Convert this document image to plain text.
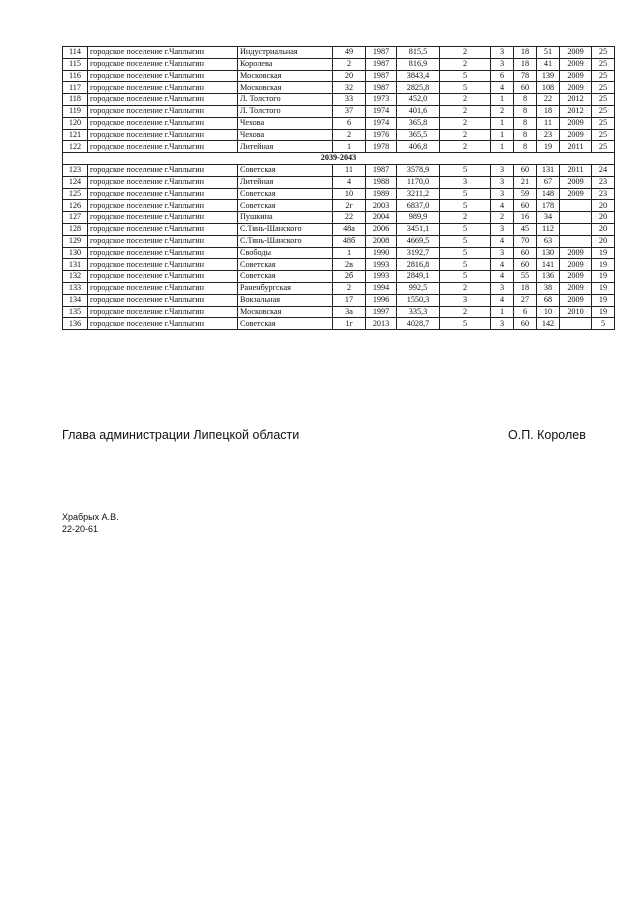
114	городское поселение г.Чаплыгин	Индустриальная	49	1987	815,5	2	3	18	51	2009	25
115	городское поселение г.Чаплыгин	Королева	2	1987	816,9	2	3	18	41	2009	25
116	городское поселение г.Чаплыгин	Московская	20	1987	3843,4	5	6	78	139	2009	25
117	городское поселение г.Чаплыгин	Московская	32	1987	2825,8	5	4	60	108	2009	25
118	городское поселение г.Чаплыгин	Л. Толстого	33	1973	452,0	2	1	8	22	2012	25
119	городское поселение г.Чаплыгин	Л. Толстого	37	1974	401,6	2	2	8	18	2012	25
120	городское поселение г.Чаплыгин	Чехова	6	1974	365,8	2	1	8	11	2009	25
121	городское поселение г.Чаплыгин	Чехова	2	1976	365,5	2	1	8	23	2009	25
122	городское поселение г.Чаплыгин	Литейная	1	1978	406,8	2	1	8	19	2011	25
2039-2043											
123	городское поселение г.Чаплыгин	Советская	11	1987	3578,9	5	3	60	131	2011	24
124	городское поселение г.Чаплыгин	Литейная	4	1988	1170,0	3	3	21	67	2009	23
125	городское поселение г.Чаплыгин	Советская	10	1989	3211,2	5	3	59	148	2009	23
126	городское поселение г.Чаплыгин	Советская	2г	2003	6837,0	5	4	60	178		20
127	городское поселение г.Чаплыгин	Пушкина	22	2004	989,9	2	2	16	34		20
128	городское поселение г.Чаплыгин	С.Тянь-Шанского	48а	2006	3451,1	5	3	45	112		20
129	городское поселение г.Чаплыгин	С.Тянь-Шанского	48б	2008	4669,5	5	4	70	63		20
130	городское поселение г.Чаплыгин	Свободы	1	1990	3192,7	5	3	60	130	2009	19
131	городское поселение г.Чаплыгин	Советская	2в	1993	2816,8	5	4	60	141	2009	19
132	городское поселение г.Чаплыгин	Советская	2б	1993	2849,1	5	4	55	136	2009	19
133	городское поселение г.Чаплыгин	Раненбургская	2	1994	992,5	2	3	18	38	2009	19
134	городское поселение г.Чаплыгин	Вокзальная	17	1996	1550,3	3	4	27	68	2009	19
135	городское поселение г.Чаплыгин	Московская	3а	1997	335,3	2	1	6	10	2010	19
136	городское поселение г.Чаплыгин	Советская	1г	2013	4028,7	5	3	60	142		5
Глава администрации Липецкой области	О.П. Королев
Храбрых А.В.
22-20-61
